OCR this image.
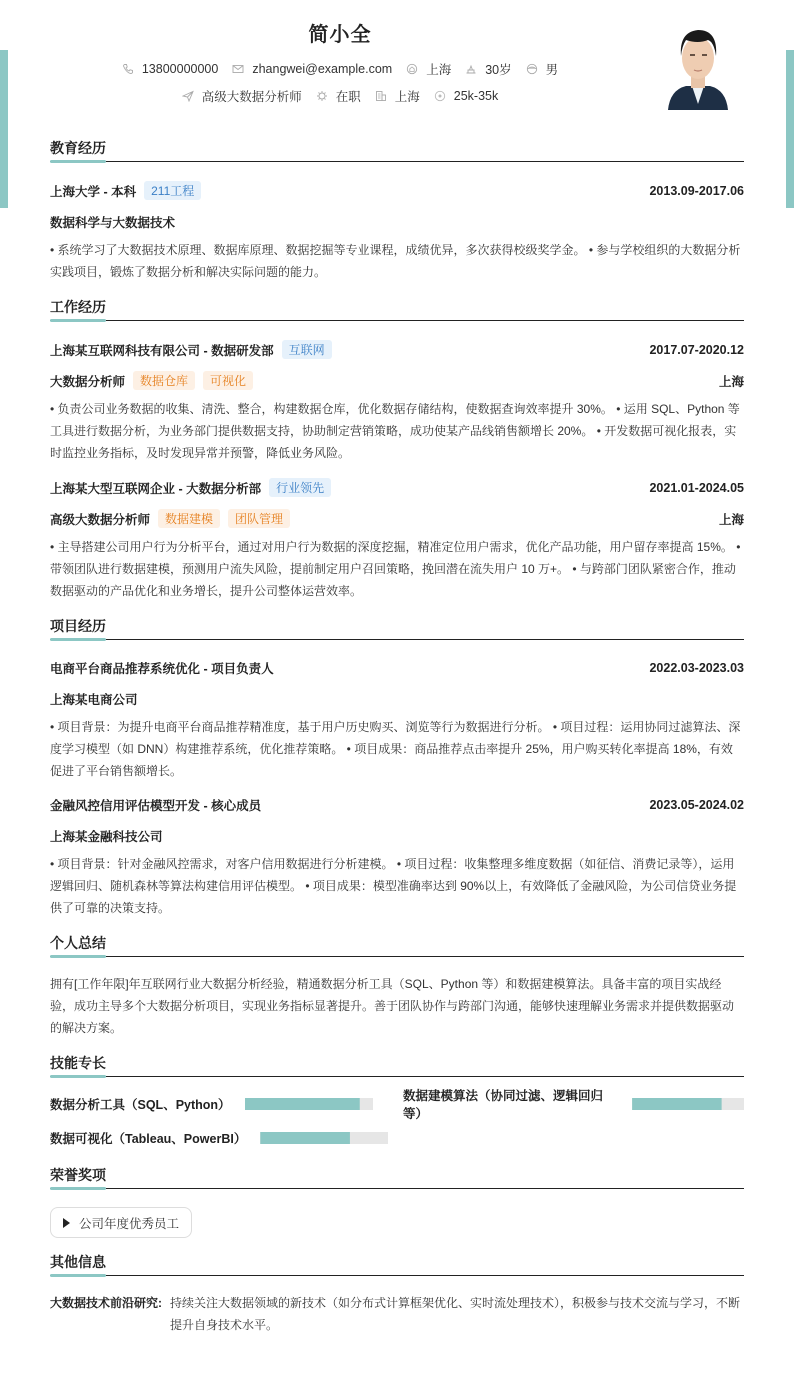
简小全
13800000000	zhangwei@example.com	上海	30岁	男
高级大数据分析师	在职	上海	25k-35k
教育经历
上海大学 - 本科	211工程	2013.09-2017.06
数据科学与大数据技术
• 系统学习了大数据技术原理、数据库原理、数据挖掘等专业课程，成绩优异，多次获得校级奖学金。 • 参与学校组织的大数据分析实践项目，锻炼了数据分析和解决实际问题的能力。
工作经历
上海某互联网科技有限公司 - 数据研发部	互联网	2017.07-2020.12
大数据分析师	数据仓库	可视化	上海
• 负责公司业务数据的收集、清洗、整合，构建数据仓库，优化数据存储结构，使数据查询效率提升 30%。 • 运用 SQL、Python 等工具进行数据分析，为业务部门提供数据支持，协助制定营销策略，成功使某产品线销售额增长 20%。 • 开发数据可视化报表，实时监控业务指标，及时发现异常并预警，降低业务风险。
上海某大型互联网企业 - 大数据分析部	行业领先	2021.01-2024.05
高级大数据分析师	数据建模	团队管理	上海
• 主导搭建公司用户行为分析平台，通过对用户行为数据的深度挖掘，精准定位用户需求，优化产品功能，用户留存率提高 15%。 • 带领团队进行数据建模，预测用户流失风险，提前制定用户召回策略，挽回潜在流失用户 10 万+。 • 与跨部门团队紧密合作，推动数据驱动的产品优化和业务增长，提升公司整体运营效率。
项目经历
电商平台商品推荐系统优化 - 项目负责人	2022.03-2023.03
上海某电商公司
• 项目背景：为提升电商平台商品推荐精准度，基于用户历史购买、浏览等行为数据进行分析。 • 项目过程：运用协同过滤算法、深度学习模型（如 DNN）构建推荐系统，优化推荐策略。 • 项目成果：商品推荐点击率提升 25%，用户购买转化率提高 18%，有效促进了平台销售额增长。
金融风控信用评估模型开发 - 核心成员	2023.05-2024.02
上海某金融科技公司
• 项目背景：针对金融风控需求，对客户信用数据进行分析建模。 • 项目过程：收集整理多维度数据（如征信、消费记录等），运用逻辑回归、随机森林等算法构建信用评估模型。 • 项目成果：模型准确率达到 90%以上，有效降低了金融风险，为公司信贷业务提供了可靠的决策支持。
个人总结
拥有[工作年限]年互联网行业大数据分析经验，精通数据分析工具（SQL、Python 等）和数据建模算法。具备丰富的项目实战经验，成功主导多个大数据分析项目，实现业务指标显著提升。善于团队协作与跨部门沟通，能够快速理解业务需求并提供数据驱动的解决方案。
技能专长
数据分析工具（SQL、Python）
数据建模算法（协同过滤、逻辑回归等）
数据可视化（Tableau、PowerBI）
荣誉奖项
公司年度优秀员工
其他信息
大数据技术前沿研究: 持续关注大数据领域的新技术（如分布式计算框架优化、实时流处理技术），积极参与技术交流与学习，不断提升自身技术水平。
